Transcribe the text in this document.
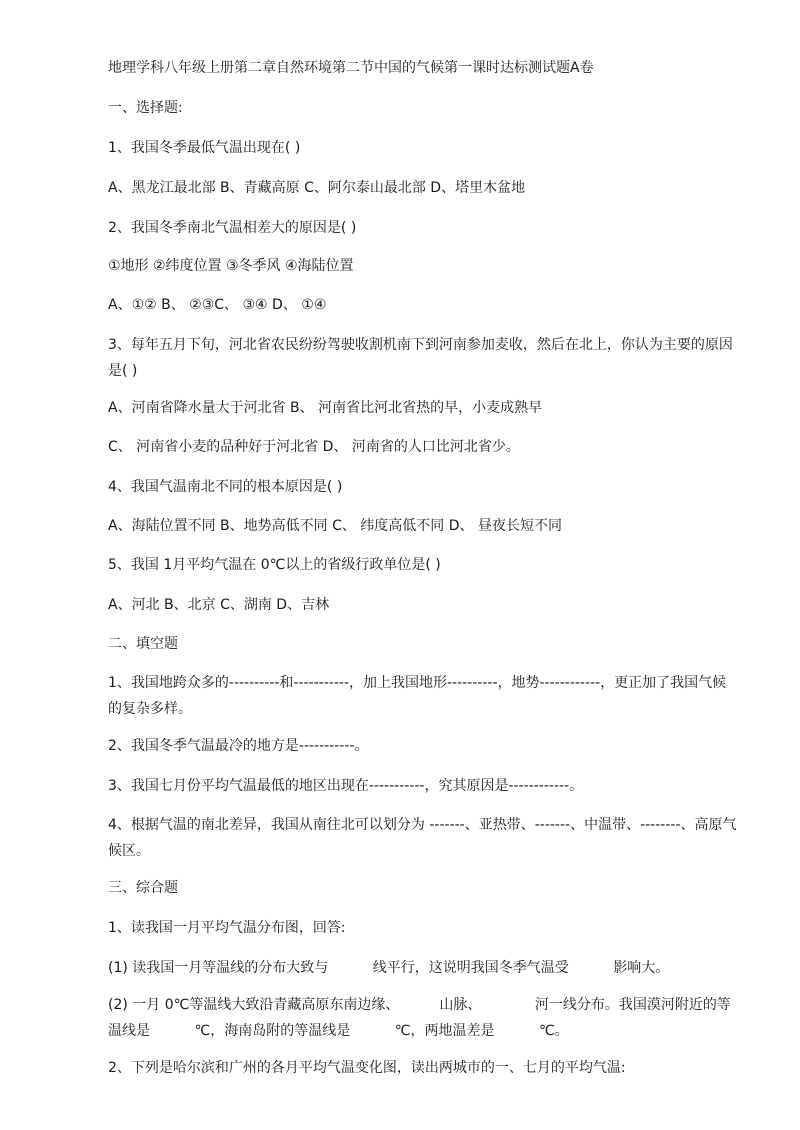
地理学科八年级上册第二章自然环境第二节中国的气候第一课时达标测试题A卷
一、选择题:
1、我国冬季最低气温出现在( )
A、黑龙江最北部 B、青藏高原 C、阿尔泰山最北部 D、塔里木盆地
2、我国冬季南北气温相差大的原因是( )
①地形 ②纬度位置 ③冬季风 ④海陆位置
A、①② B、 ②③C、 ③④ D、 ①④
3、每年五月下旬，河北省农民纷纷驾驶收割机南下到河南参加麦收，然后在北上，你认为主要的原因是( )
A、河南省降水量大于河北省 B、 河南省比河北省热的早，小麦成熟早
C、 河南省小麦的品种好于河北省 D、 河南省的人口比河北省少。
4、我国气温南北不同的根本原因是( )
A、海陆位置不同 B、地势高低不同 C、 纬度高低不同 D、 昼夜长短不同
5、我国 1月平均气温在 0℃以上的省级行政单位是( )
A、河北 B、北京 C、湖南 D、吉林
二、填空题
1、我国地跨众多的----------和-----------，加上我国地形----------，地势------------，更正加了我国气候的复杂多样。
2、我国冬季气温最冷的地方是-----------。
3、我国七月份平均气温最低的地区出现在-----------，究其原因是------------。
4、根据气温的南北差异，我国从南往北可以划分为 -------、亚热带、-------、中温带、--------、高原气候区。
三、综合题
1、读我国一月平均气温分布图，回答:
(1) 读我国一月等温线的分布大致与          线平行，这说明我国冬季气温受          影响大。
(2) 一月 0℃等温线大致沿青藏高原东南边缘、         山脉、            河一线分布。我国漠河附近的等温线是          ℃，海南岛附的等温线是          ℃，两地温差是          ℃。
2、下列是哈尔滨和广州的各月平均气温变化图，读出两城市的一、七月的平均气温:
